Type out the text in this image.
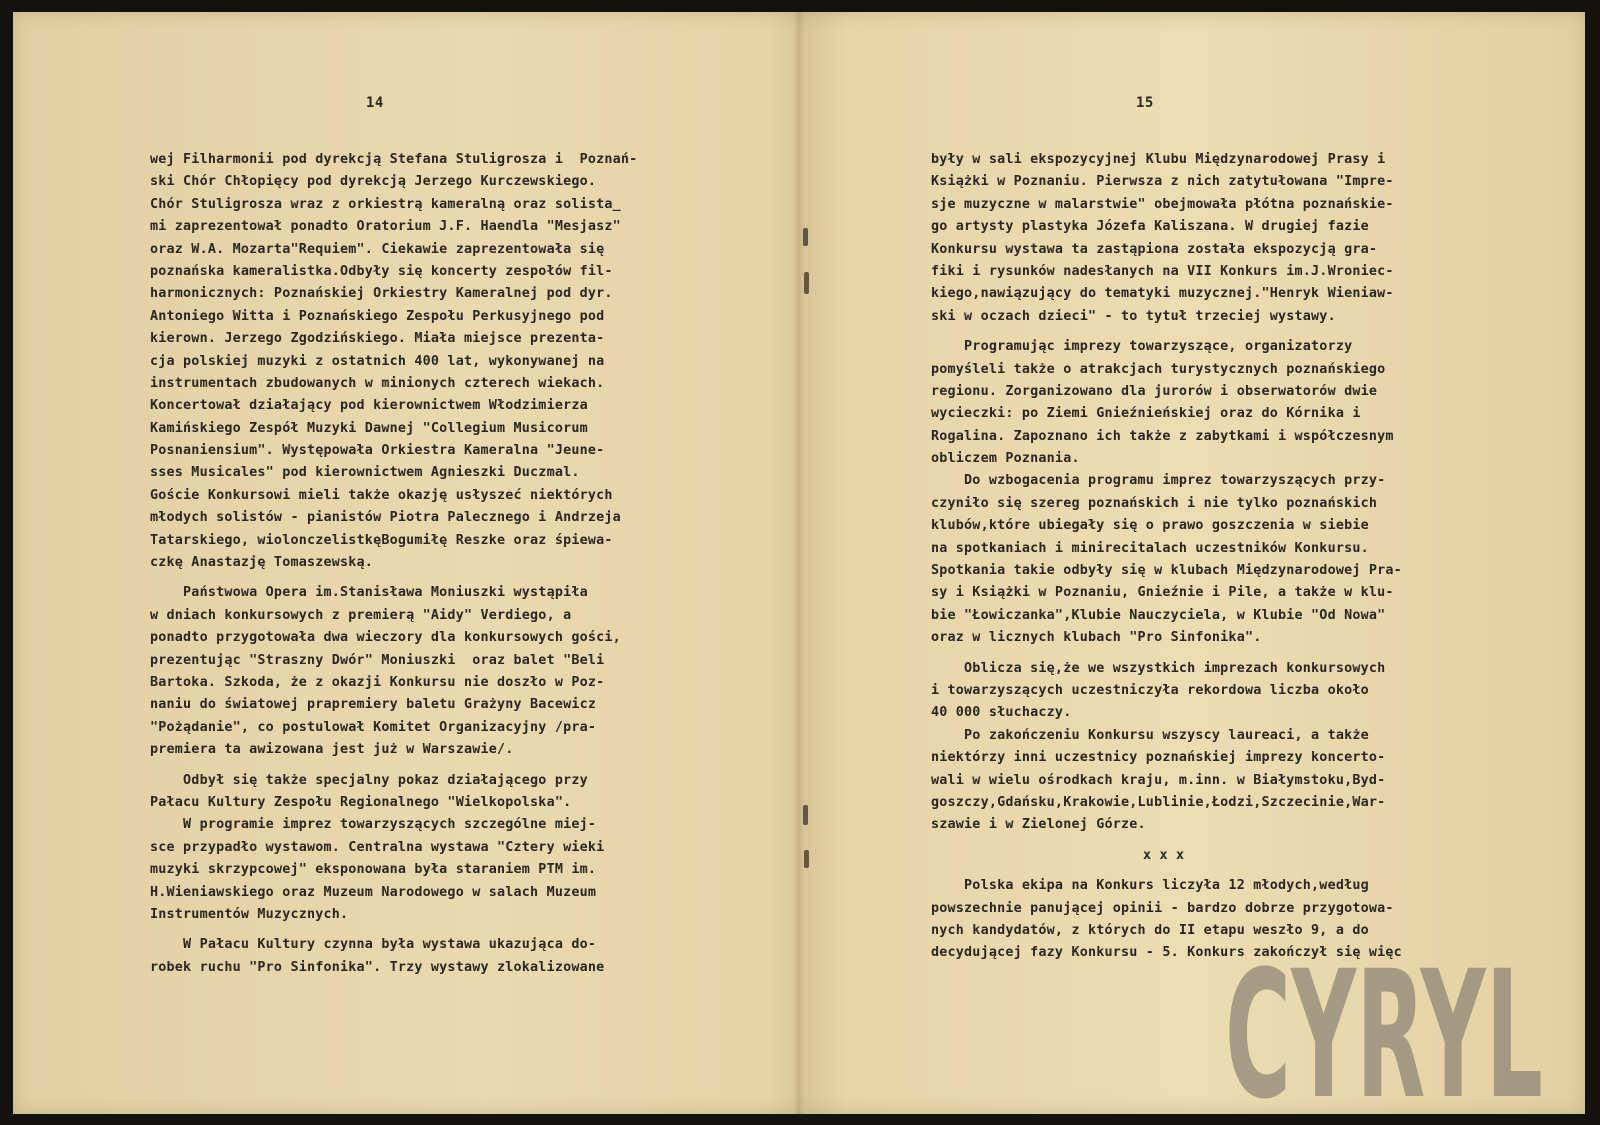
14
wej Filharmonii pod dyrekcją Stefana Stuligrosza i  Poznań-
ski Chór Chłopięcy pod dyrekcją Jerzego Kurczewskiego.
Chór Stuligrosza wraz z orkiestrą kameralną oraz solista_
mi zaprezentował ponadto Oratorium J.F. Haendla "Mesjasz"
oraz W.A. Mozarta"Requiem". Ciekawie zaprezentowała się
poznańska kameralistka.Odbyły się koncerty zespołów fil-
harmonicznych: Poznańskiej Orkiestry Kameralnej pod dyr.
Antoniego Witta i Poznańskiego Zespołu Perkusyjnego pod
kierown. Jerzego Zgodzińskiego. Miała miejsce prezenta-
cja polskiej muzyki z ostatnich 400 lat, wykonywanej na
instrumentach zbudowanych w minionych czterech wiekach.
Koncertował działający pod kierownictwem Włodzimierza
Kamińskiego Zespół Muzyki Dawnej "Collegium Musicorum
Posnaniensium". Występowała Orkiestra Kameralna "Jeune-
sses Musicales" pod kierownictwem Agnieszki Duczmal.
Goście Konkursowi mieli także okazję usłyszeć niektórych
młodych solistów - pianistów Piotra Palecznego i Andrzeja
Tatarskiego, wiolonczelistkęBogumiłę Reszke oraz śpiewa-
czkę Anastazję Tomaszewską.
Państwowa Opera im.Stanisława Moniuszki wystąpiła
w dniach konkursowych z premierą "Aidy" Verdiego, a
ponadto przygotowała dwa wieczory dla konkursowych gości,
prezentując "Straszny Dwór" Moniuszki  oraz balet "Beli
Bartoka. Szkoda, że z okazji Konkursu nie doszło w Poz-
naniu do światowej prapremiery baletu Grażyny Bacewicz
"Pożądanie", co postulował Komitet Organizacyjny /pra-
premiera ta awizowana jest już w Warszawie/.
Odbył się także specjalny pokaz działającego przy
Pałacu Kultury Zespołu Regionalnego "Wielkopolska".
W programie imprez towarzyszących szczególne miej-
sce przypadło wystawom. Centralna wystawa "Cztery wieki
muzyki skrzypcowej" eksponowana była staraniem PTM im.
H.Wieniawskiego oraz Muzeum Narodowego w salach Muzeum
Instrumentów Muzycznych.
W Pałacu Kultury czynna była wystawa ukazująca do-
robek ruchu "Pro Sinfonika". Trzy wystawy zlokalizowane
15
były w sali ekspozycyjnej Klubu Międzynarodowej Prasy i
Książki w Poznaniu. Pierwsza z nich zatytułowana "Impre-
sje muzyczne w malarstwie" obejmowała płótna poznańskie-
go artysty plastyka Józefa Kaliszana. W drugiej fazie
Konkursu wystawa ta zastąpiona została ekspozycją gra-
fiki i rysunków nadesłanych na VII Konkurs im.J.Wroniec-
kiego,nawiązujący do tematyki muzycznej."Henryk Wieniaw-
ski w oczach dzieci" - to tytuł trzeciej wystawy.
Programując imprezy towarzyszące, organizatorzy
pomyśleli także o atrakcjach turystycznych poznańskiego
regionu. Zorganizowano dla jurorów i obserwatorów dwie
wycieczki: po Ziemi Gnieźnieńskiej oraz do Kórnika i
Rogalina. Zapoznano ich także z zabytkami i współczesnym
obliczem Poznania.
Do wzbogacenia programu imprez towarzyszących przy-
czyniło się szereg poznańskich i nie tylko poznańskich
klubów,które ubiegały się o prawo goszczenia w siebie
na spotkaniach i minirecitalach uczestników Konkursu.
Spotkania takie odbyły się w klubach Międzynarodowej Pra-
sy i Książki w Poznaniu, Gnieźnie i Pile, a także w klu-
bie "Łowiczanka",Klubie Nauczyciela, w Klubie "Od Nowa"
oraz w licznych klubach "Pro Sinfonika".
Oblicza się,że we wszystkich imprezach konkursowych
i towarzyszących uczestniczyła rekordowa liczba około
40 000 słuchaczy.
Po zakończeniu Konkursu wszyscy laureaci, a także
niektórzy inni uczestnicy poznańskiej imprezy koncerto-
wali w wielu ośrodkach kraju, m.inn. w Białymstoku,Byd-
goszczy,Gdańsku,Krakowie,Lublinie,Łodzi,Szczecinie,War-
szawie i w Zielonej Górze.
x x x
Polska ekipa na Konkurs liczyła 12 młodych,według
powszechnie panującej opinii - bardzo dobrze przygotowa-
nych kandydatów, z których do II etapu weszło 9, a do
decydującej fazy Konkursu - 5. Konkurs zakończył się więc
CYRYL
